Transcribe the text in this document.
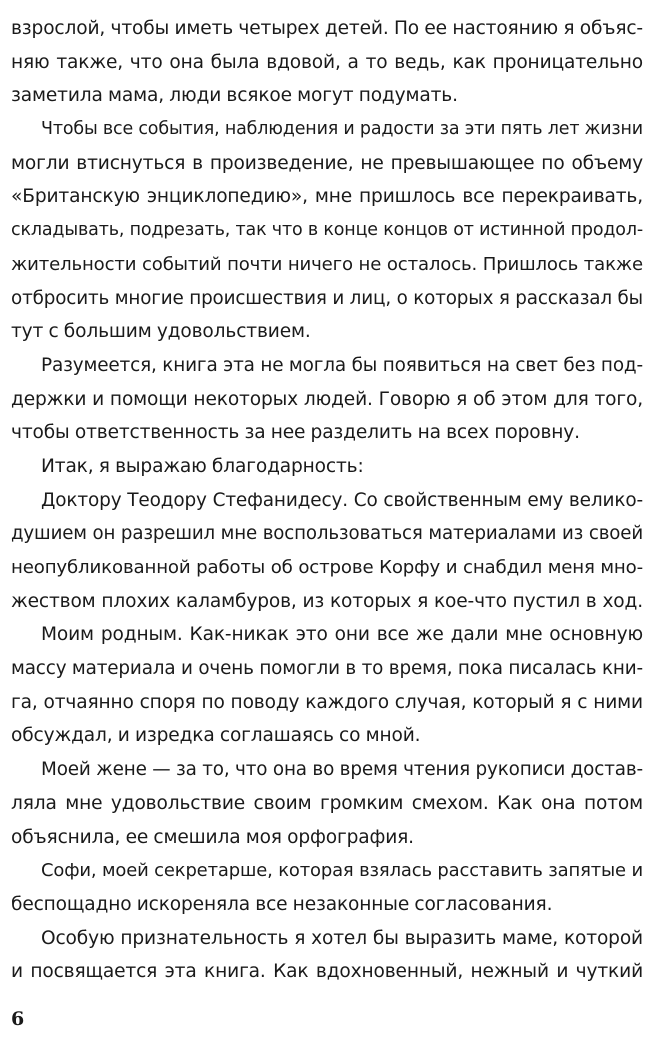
взрослой, чтобы иметь четырех детей. По ее настоянию я объяс-
няю также, что она была вдовой, а то ведь, как проницательно
заметила мама, люди всякое могут подумать.
Чтобы все события, наблюдения и радости за эти пять лет жизни
могли втиснуться в произведение, не превышающее по объему
«Британскую энциклопедию», мне пришлось все перекраивать,
складывать, подрезать, так что в конце концов от истинной продол-
жительности событий почти ничего не осталось. Пришлось также
отбросить многие происшествия и лиц, о которых я рассказал бы
тут с большим удовольствием.
Разумеется, книга эта не могла бы появиться на свет без под-
держки и помощи некоторых людей. Говорю я об этом для того,
чтобы ответственность за нее разделить на всех поровну.
Итак, я выражаю благодарность:
Доктору Теодору Стефанидесу. Со свойственным ему велико-
душием он разрешил мне воспользоваться материалами из своей
неопубликованной работы об острове Корфу и снабдил меня мно-
жеством плохих каламбуров, из которых я кое-что пустил в ход.
Моим родным. Как-никак это они все же дали мне основную
массу материала и очень помогли в то время, пока писалась кни-
га, отчаянно споря по поводу каждого случая, который я с ними
обсуждал, и изредка соглашаясь со мной.
Моей жене — за то, что она во время чтения рукописи достав-
ляла мне удовольствие своим громким смехом. Как она потом
объяснила, ее смешила моя орфография.
Софи, моей секретарше, которая взялась расставить запятые и
беспощадно искореняла все незаконные согласования.
Особую признательность я хотел бы выразить маме, которой
и посвящается эта книга. Как вдохновенный, нежный и чуткий
6
